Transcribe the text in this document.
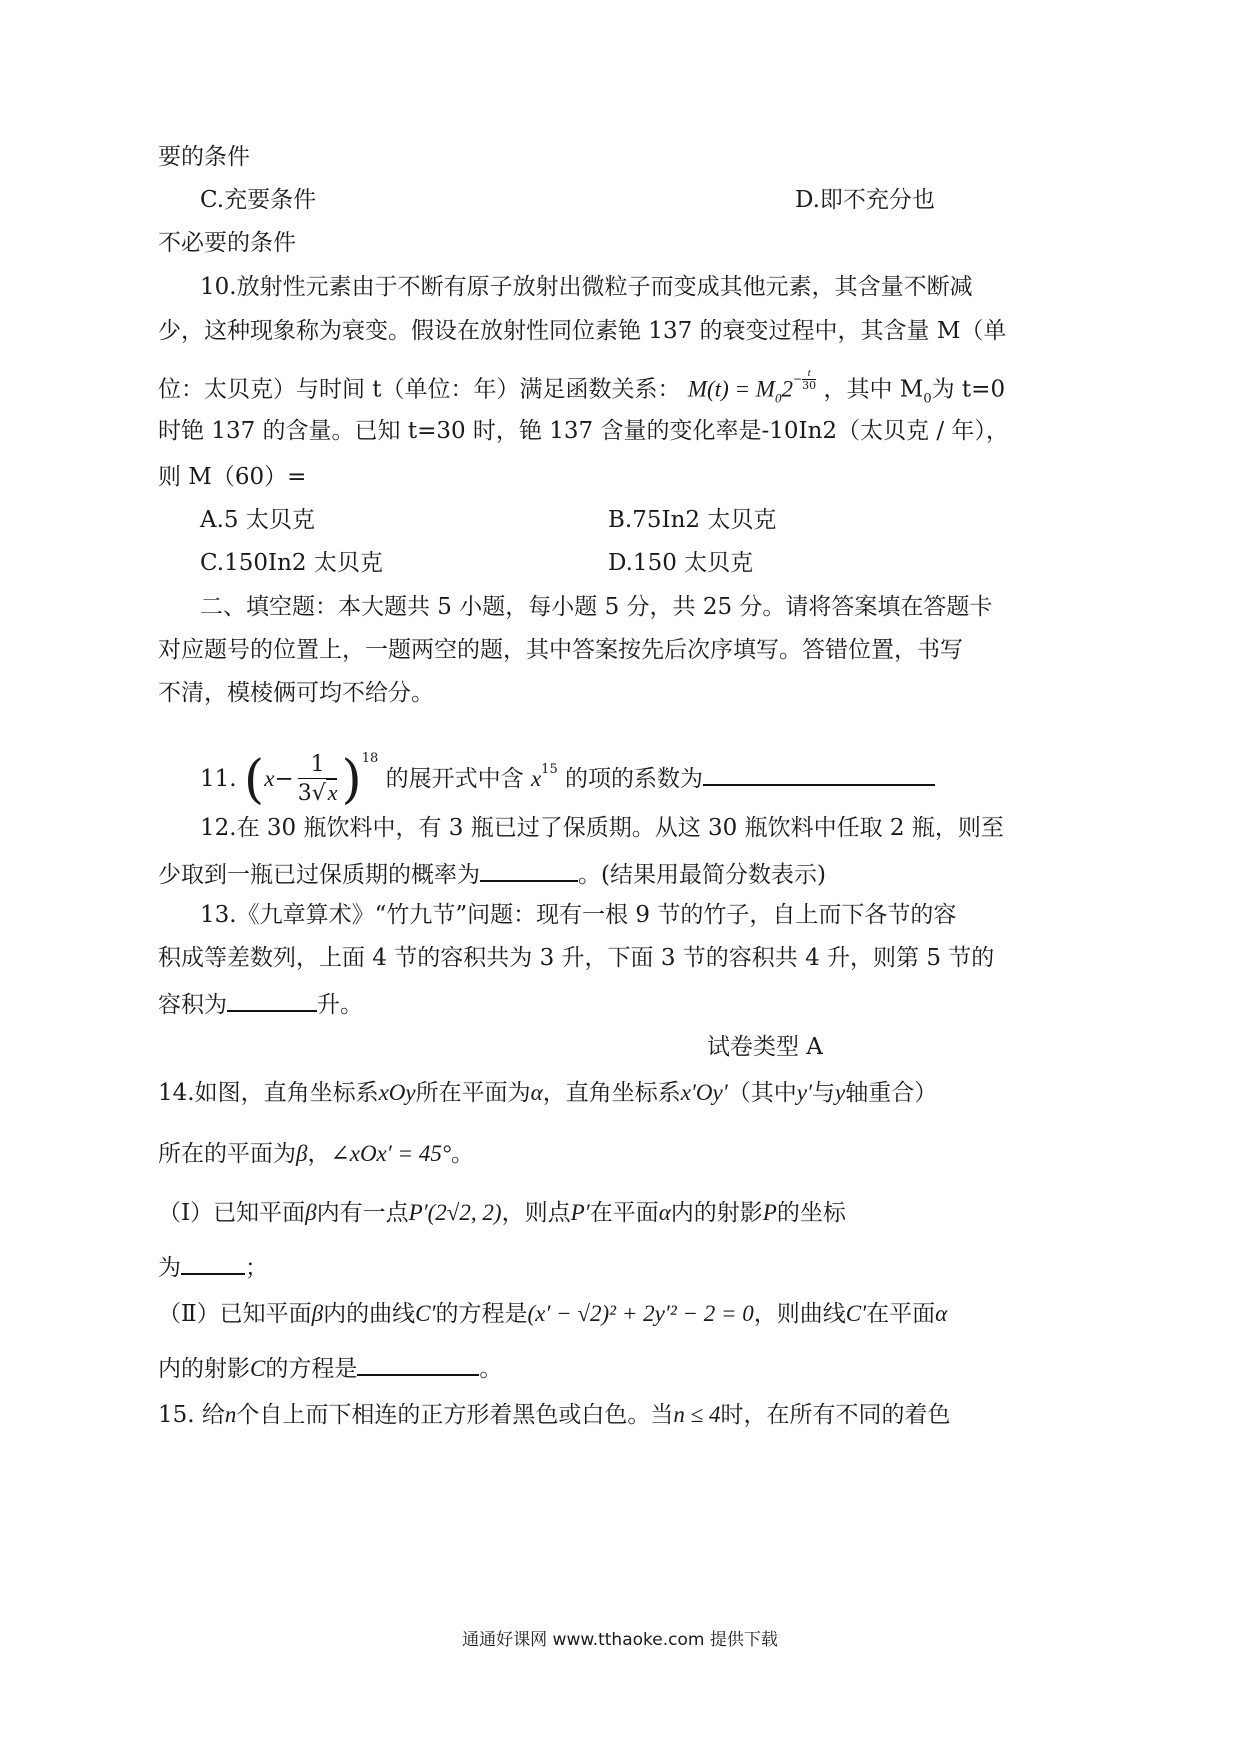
要的条件
C.充要条件	D.即不充分也
不必要的条件
10.放射性元素由于不断有原子放射出微粒子而变成其他元素，其含量不断减
少，这种现象称为衰变。假设在放射性同位素铯 137 的衰变过程中，其含量 M（单
位：太贝克）与时间 t（单位：年）满足函数关系： $M(t) = M_02- \frac{t}{30}$ ，其中 $M_0$为 t=0
时铯 137 的含量。已知 t=30 时，铯 137 含量的变化率是-10In2（太贝克 / 年），
则 M（60）=
A.5 太贝克	B.75In2 太贝克
C.150In2 太贝克	D.150 太贝克
二、填空题：本大题共 5 小题，每小题 5 分，共 25 分。请将答案填在答题卡
对应题号的位置上，一题两空的题，其中答案按先后次序填写。答错位置，书写
不清，模棱俩可均不给分。
11. $(x- \frac{1}{3√x} )^{18}$ 的展开式中含 $x^{15}$ 的项的系数为
12.在 30 瓶饮料中，有 3 瓶已过了保质期。从这 30 瓶饮料中任取 2 瓶，则至
少取到一瓶已过保质期的概率为	。(结果用最简分数表示)
13.《九章算术》“竹九节”问题：现有一根 9 节的竹子，自上而下各节的容
积成等差数列，上面 4 节的容积共为 3 升，下面 3 节的容积共 4 升，则第 5 节的
容积为	升。
试卷类型 A
14.如图，直角坐标系xOy所在平面为α，直角坐标系x′Oy′（其中y′与y轴重合）
所在的平面为β，∠xOx′ = 45°。
（Ⅰ）已知平面β内有一点P′(2√2, 2)，则点P′在平面α内的射影P的坐标
为	；
（Ⅱ）已知平面β内的曲线C′的方程是(x′ − √2)² + 2y′² − 2 = 0，则曲线C′在平面α
内的射影C的方程是	。
15. 给n个自上而下相连的正方形着黑色或白色。当n ≤ 4时，在所有不同的着色
通通好课网 www.tthaoke.com 提供下载
